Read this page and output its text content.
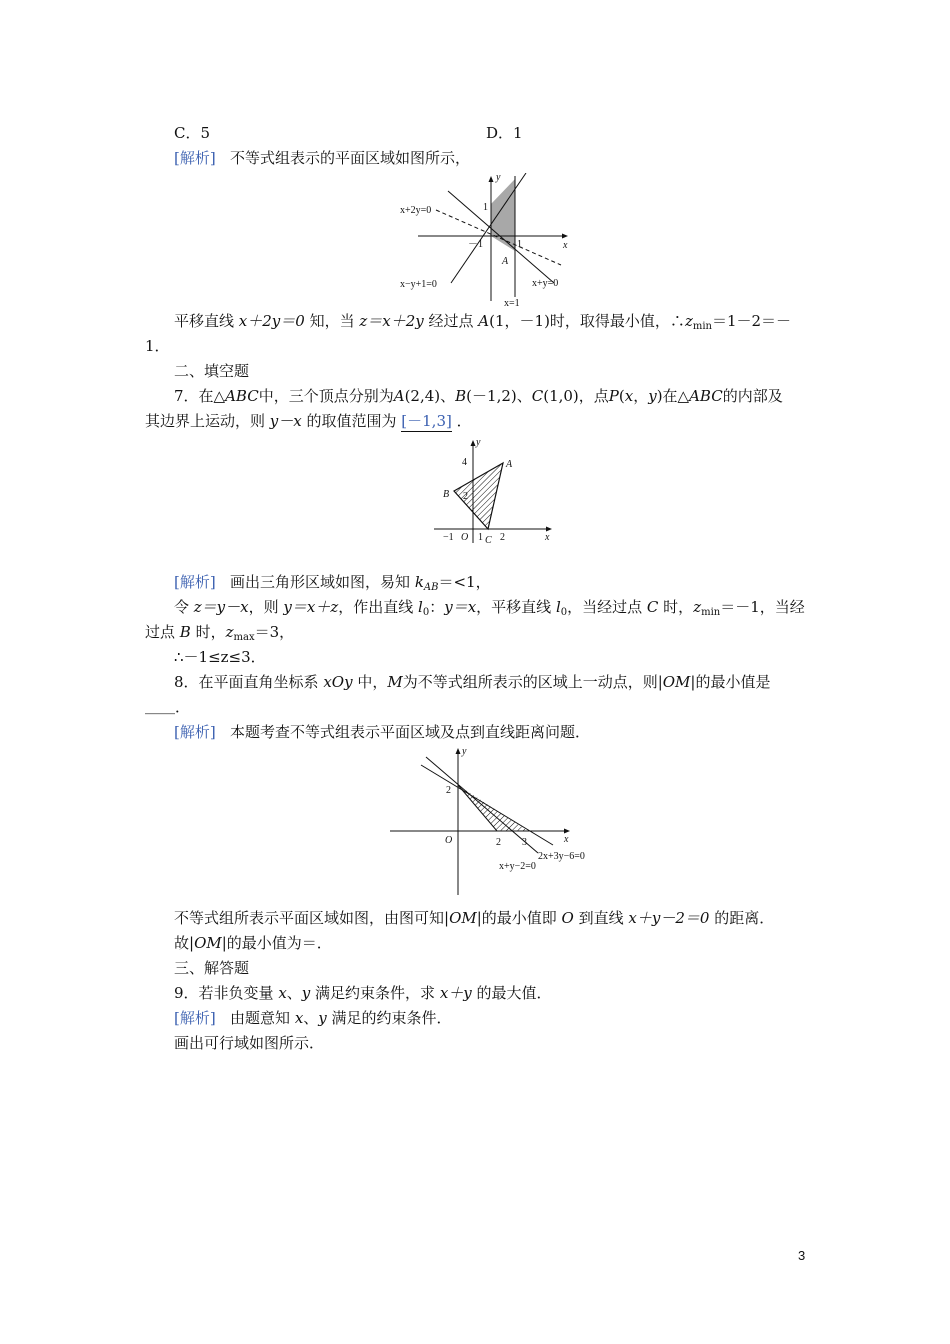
C．5	D．1
[解析] 不等式组表示的平面区域如图所示，
y
x
1
－1	1
A
x+2y=0
x−y+1=0	x+y=0
x=1
平移直线 x＋2y＝0 知，当 z＝x＋2y 经过点 A(1，－1)时，取得最小值，$\therefore z_{min}=1-2=-$
1．
二、填空题
7．在△ABC中，三个顶点分别为A(2,4)、B(－1,2)、C(1,0)，点P(x，y)在△ABC的内部及
其边界上运动，则 y－x 的取值范围为 [－1,3] ．
y
x
4	A
B 2
−1 O 1 C 2
[解析] 画出三角形区域如图，易知 $k_{AB}=<1$，
令 z＝y－x，则 y＝x＋z，作出直线 $l_0$：y＝x，平移直线 $l_0$，当经过点 C 时，$z_{min}=-1$，当经
过点 B 时，$z_{max}=3$，
∴－1≤z≤3．
8．在平面直角坐标系 xOy 中，M为不等式组所表示的区域上一动点，则|OM|的最小值是
＿＿．
[解析] 本题考查不等式组表示平面区域及点到直线距离问题．
y
x
2
O	2 3
2x+3y−6=0
x+y−2=0
不等式组所表示平面区域如图，由图可知|OM|的最小值即 O 到直线 x＋y－2＝0 的距离．
故|OM|的最小值为＝．
三、解答题
9．若非负变量 x、y 满足约束条件，求 x＋y 的最大值．
[解析] 由题意知 x、y 满足的约束条件．
画出可行域如图所示．
3
